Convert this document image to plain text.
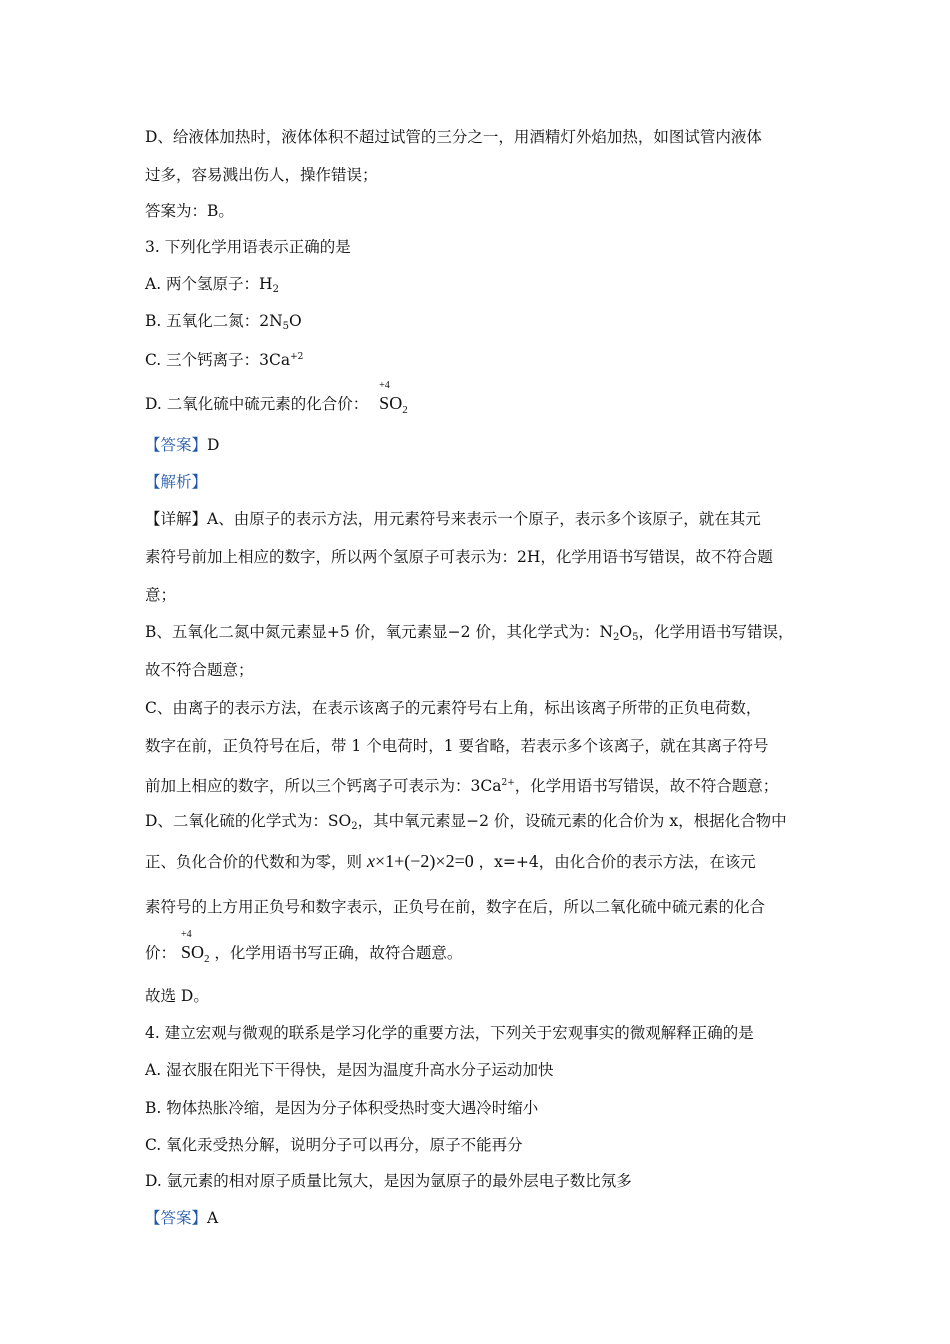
D、给液体加热时，液体体积不超过试管的三分之一，用酒精灯外焰加热，如图试管内液体
过多，容易溅出伤人，操作错误；
答案为：B。
3. 下列化学用语表示正确的是
A. 两个氢原子：$H_2$
B. 五氧化二氮：$2N_5O$
C. 三个钙离子：$3Ca^{+2}$
D. 二氧化硫中硫元素的化合价：
+4
$SO_2$
【答案】D
【解析】
【详解】A、由原子的表示方法，用元素符号来表示一个原子，表示多个该原子，就在其元
素符号前加上相应的数字，所以两个氢原子可表示为：2H，化学用语书写错误，故不符合题
意；
B、五氧化二氮中氮元素显+5 价，氧元素显−2 价，其化学式为：$N_2O_5$，化学用语书写错误，
故不符合题意；
C、由离子的表示方法，在表示该离子的元素符号右上角，标出该离子所带的正负电荷数，
数字在前，正负符号在后，带 1 个电荷时，1 要省略，若表示多个该离子，就在其离子符号
前加上相应的数字，所以三个钙离子可表示为：$3Ca^{2+}$，化学用语书写错误，故不符合题意；
D、二氧化硫的化学式为：$SO_2$，其中氧元素显−2 价，设硫元素的化合价为 x，根据化合物中
正、负化合价的代数和为零，则 x×1+(−2)×2=0 ，x=+4，由化合价的表示方法，在该元
素符号的上方用正负号和数字表示，正负号在前，数字在后，所以二氧化硫中硫元素的化合
价：
+4
$SO_2$ ，化学用语书写正确，故符合题意。
故选 D。
4. 建立宏观与微观的联系是学习化学的重要方法，下列关于宏观事实的微观解释正确的是
A. 湿衣服在阳光下干得快，是因为温度升高水分子运动加快
B. 物体热胀冷缩，是因为分子体积受热时变大遇冷时缩小
C. 氧化汞受热分解，说明分子可以再分，原子不能再分
D. 氩元素的相对原子质量比氖大，是因为氩原子的最外层电子数比氖多
【答案】A
